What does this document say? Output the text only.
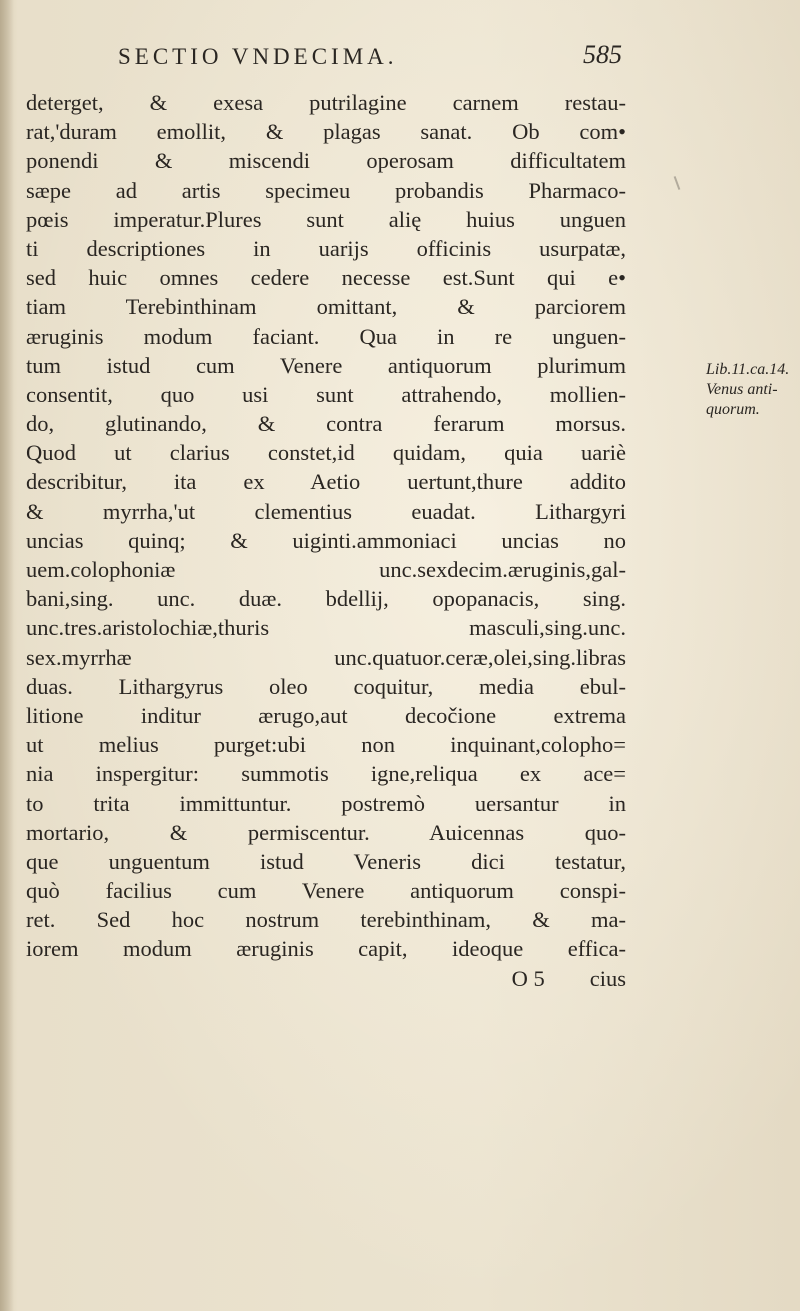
SECTIO VNDECIMA.	585
deterget, & exesa putrilagine carnem restau-
rat,'duram emollit, & plagas sanat. Ob com•
ponendi & miscendi operosam difficultatem
sæpe ad artis specimeu probandis Pharmaco-
pœis imperatur.Plures sunt alię huius unguen
ti descriptiones in uarijs officinis usurpatæ,
sed huic omnes cedere necesse est.Sunt qui e•
tiam Terebinthinam omittant, & parciorem
æruginis modum faciant. Qua in re unguen-
tum istud cum Venere antiquorum plurimum
consentit, quo usi sunt attrahendo, mollien-
do, glutinando, & contra ferarum morsus.
Quod ut clarius constet,id quidam, quia uariè
describitur, ita ex Aetio uertunt,thure addito
& myrrha,'ut clementius euadat. Lithargyri
uncias quinq; & uiginti.ammoniaci uncias no
uem.colophoniæ unc.sexdecim.æruginis,gal-
bani,sing. unc. duæ. bdellij, opopanacis, sing.
unc.tres.aristolochiæ,thuris masculi,sing.unc.
sex.myrrhæ unc.quatuor.ceræ,olei,sing.libras
duas. Lithargyrus oleo coquitur, media ebul-
litione inditur ærugo,aut decočione extrema
ut melius purget:ubi non inquinant,colopho=
nia inspergitur: summotis igne,reliqua ex ace=
to trita immittuntur. postremò uersantur in
mortario, & permiscentur. Auicennas quo-
que unguentum istud Veneris dici testatur,
quò facilius cum Venere antiquorum conspi-
ret. Sed hoc nostrum terebinthinam, & ma-
iorem modum æruginis capit, ideoque effica-
O 5        cius
Lib.11.ca.14.
Venus anti-
quorum.
